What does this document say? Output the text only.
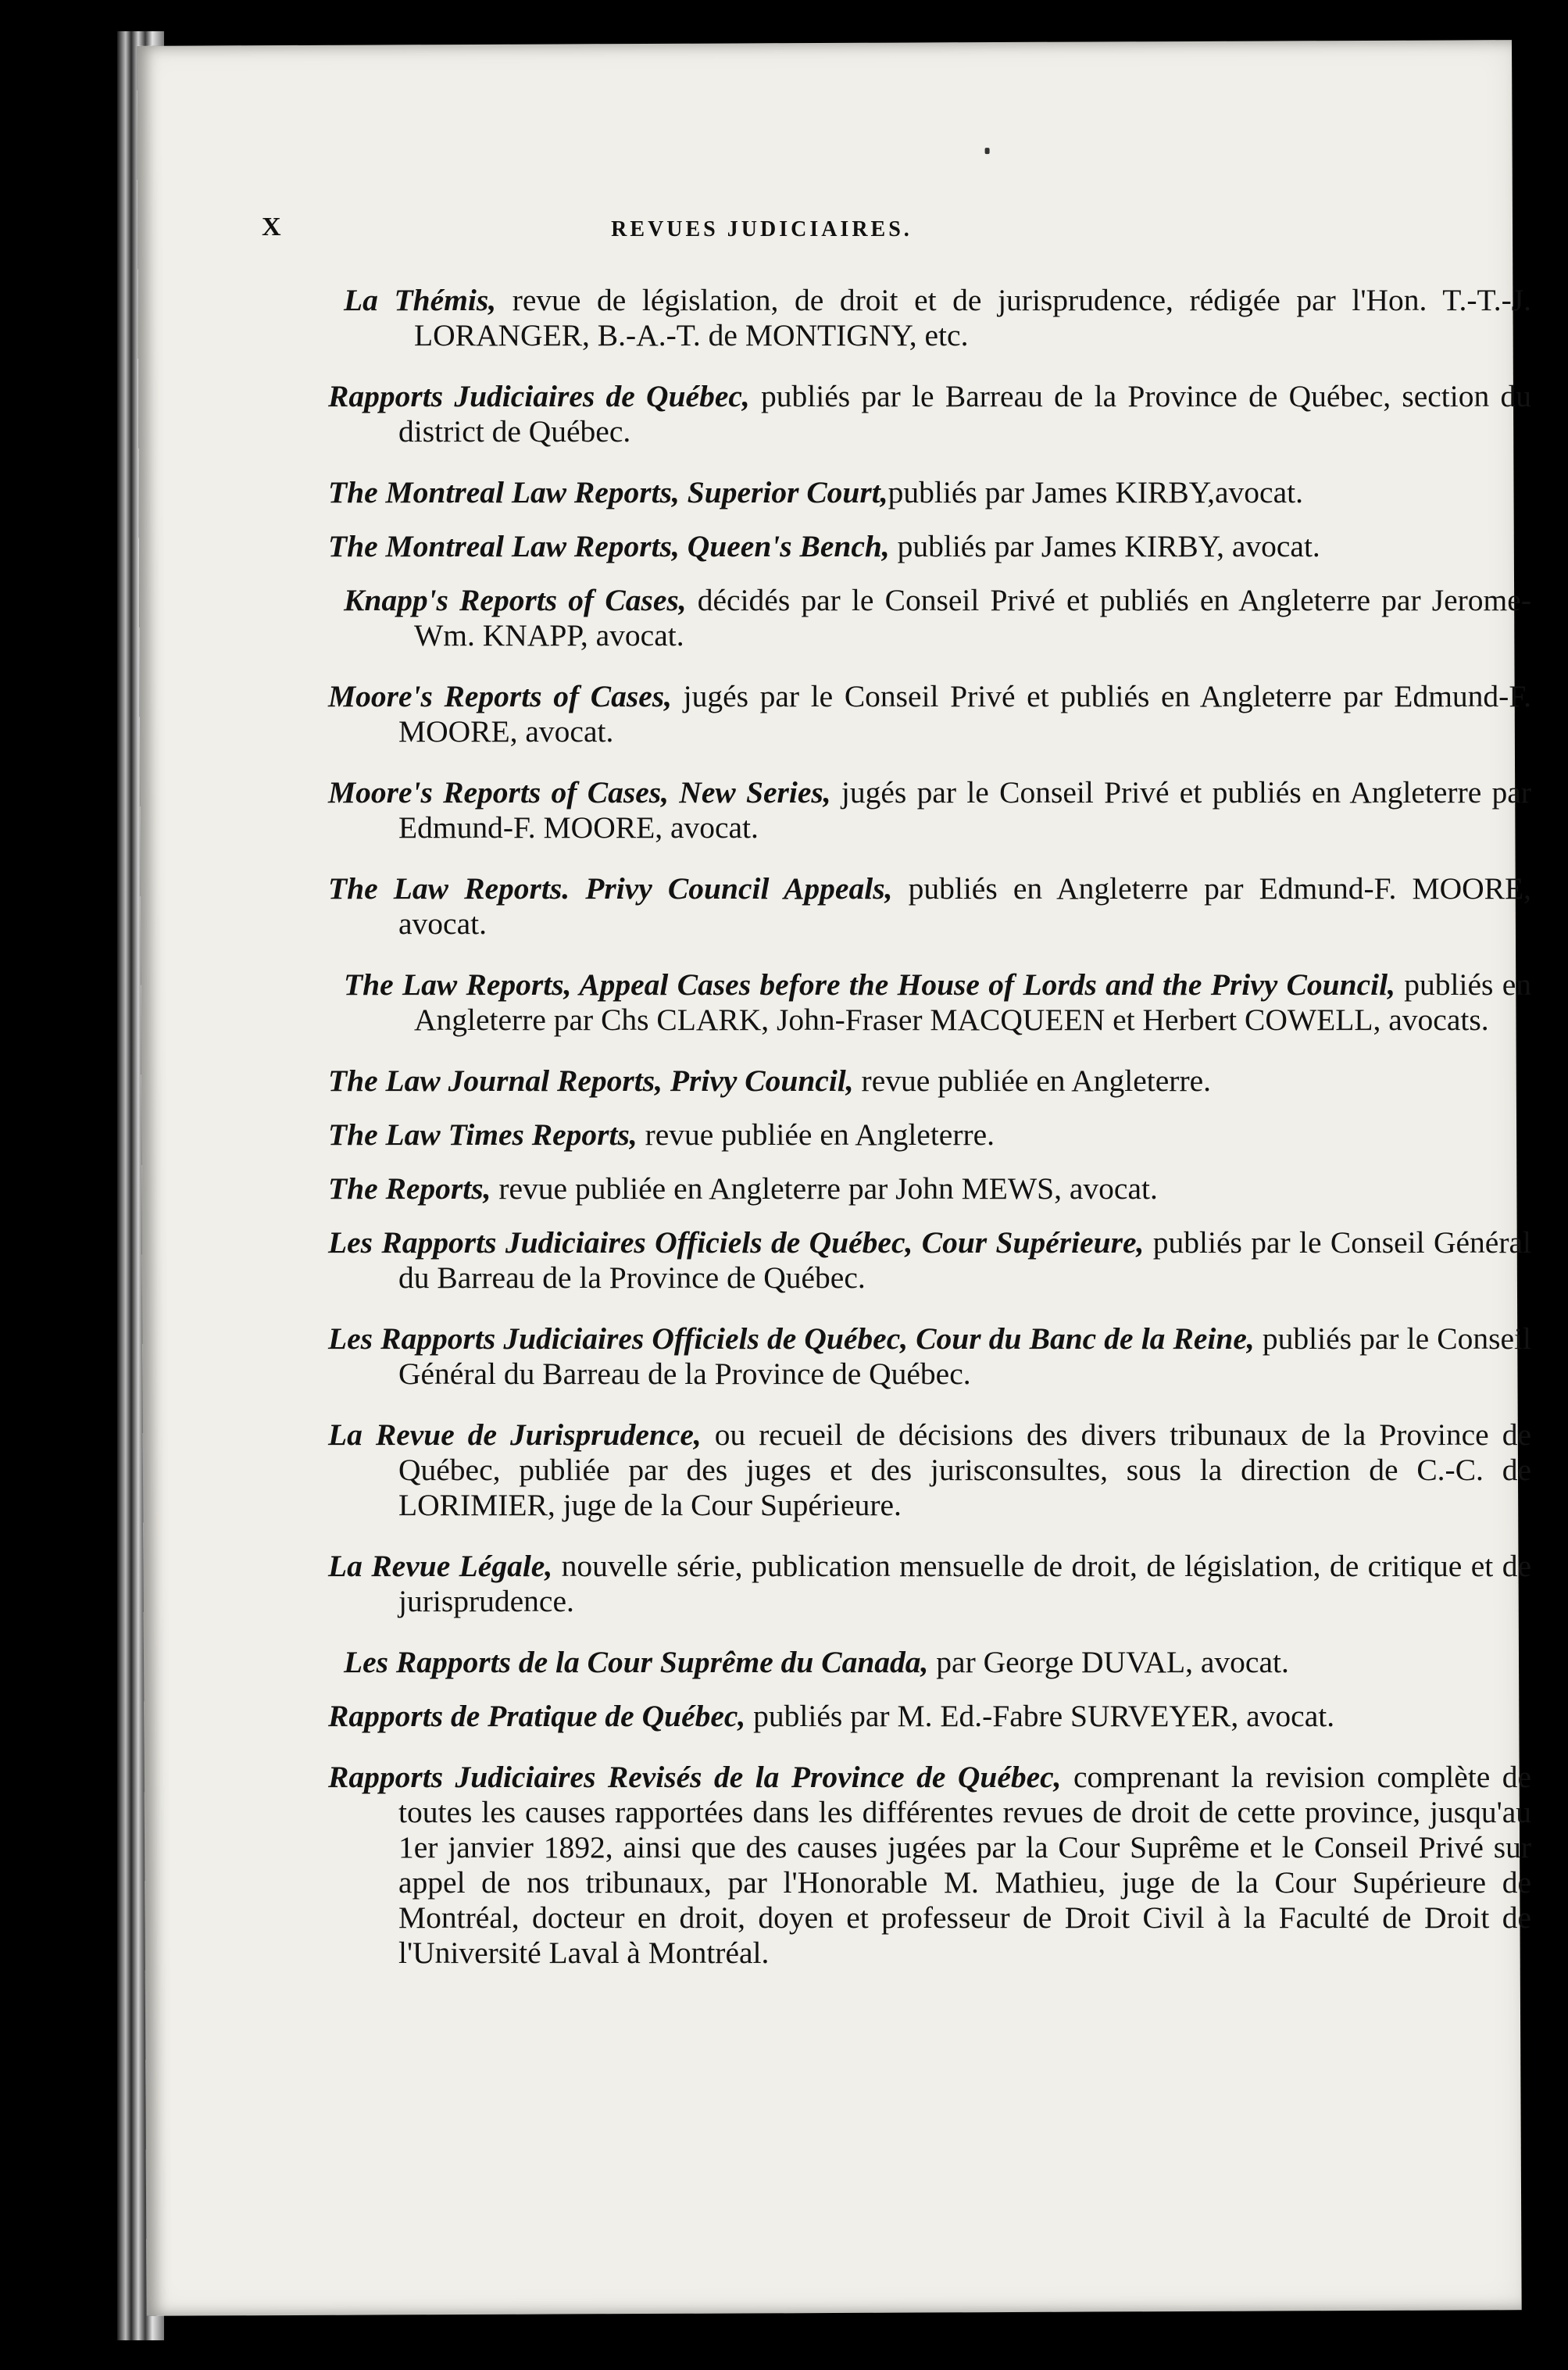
X	REVUES JUDICIAIRES.

La Thémis, revue de législation, de droit et de jurisprudence, rédigée par l'Hon. T.-T.-J. LORANGER, B.-A.-T. de MONTIGNY, etc.

Rapports Judiciaires de Québec, publiés par le Barreau de la Province de Québec, section du district de Québec.

The Montreal Law Reports, Superior Court,publiés par James KIRBY,avocat.

The Montreal Law Reports, Queen's Bench, publiés par James KIRBY, avocat.

Knapp's Reports of Cases, décidés par le Conseil Privé et publiés en Angleterre par Jerome-Wm. KNAPP, avocat.

Moore's Reports of Cases, jugés par le Conseil Privé et publiés en Angleterre par Edmund-F. MOORE, avocat.

Moore's Reports of Cases, New Series, jugés par le Conseil Privé et publiés en Angleterre par Edmund-F. MOORE, avocat.

The Law Reports. Privy Council Appeals, publiés en Angleterre par Edmund-F. MOORE, avocat.

The Law Reports, Appeal Cases before the House of Lords and the Privy Council, publiés en Angleterre par Chs CLARK, John-Fraser MACQUEEN et Herbert COWELL, avocats.

The Law Journal Reports, Privy Council, revue publiée en Angleterre.

The Law Times Reports, revue publiée en Angleterre.

The Reports, revue publiée en Angleterre par John MEWS, avocat.

Les Rapports Judiciaires Officiels de Québec, Cour Supérieure, publiés par le Conseil Général du Barreau de la Province de Québec.

Les Rapports Judiciaires Officiels de Québec, Cour du Banc de la Reine, publiés par le Conseil Général du Barreau de la Province de Québec.

La Revue de Jurisprudence, ou recueil de décisions des divers tribunaux de la Province de Québec, publiée par des juges et des jurisconsultes, sous la direction de C.-C. de LORIMIER, juge de la Cour Supérieure.

La Revue Légale, nouvelle série, publication mensuelle de droit, de législation, de critique et de jurisprudence.

Les Rapports de la Cour Suprême du Canada, par George DUVAL, avocat.

Rapports de Pratique de Québec, publiés par M. Ed.-Fabre SURVEYER, avocat.

Rapports Judiciaires Revisés de la Province de Québec, comprenant la revision complète de toutes les causes rapportées dans les différentes revues de droit de cette province, jusqu'au 1er janvier 1892, ainsi que des causes jugées par la Cour Suprême et le Conseil Privé sur appel de nos tribunaux, par l'Honorable M. Mathieu, juge de la Cour Supérieure de Montréal, docteur en droit, doyen et professeur de Droit Civil à la Faculté de Droit de l'Université Laval à Montréal.
